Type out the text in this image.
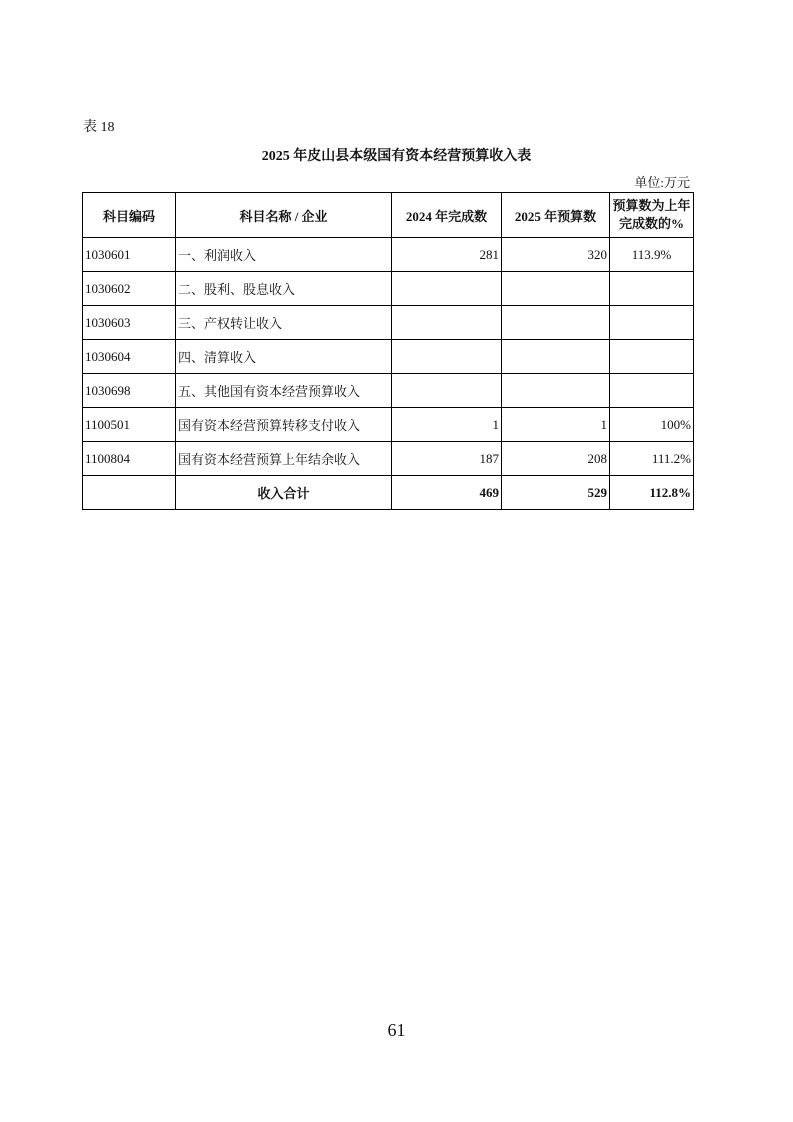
表 18
2025 年皮山县本级国有资本经营预算收入表
单位:万元
科目编码	科目名称 / 企业	2024 年完成数	2025 年预算数	预算数为上年完成数的%
1030601	一、利润收入	281	320	113.9%
1030602	二、股利、股息收入			
1030603	三、产权转让收入			
1030604	四、清算收入			
1030698	五、其他国有资本经营预算收入			
1100501	国有资本经营预算转移支付收入	1	1	100%
1100804	国有资本经营预算上年结余收入	187	208	111.2%
	收入合计	469	529	112.8%
61
